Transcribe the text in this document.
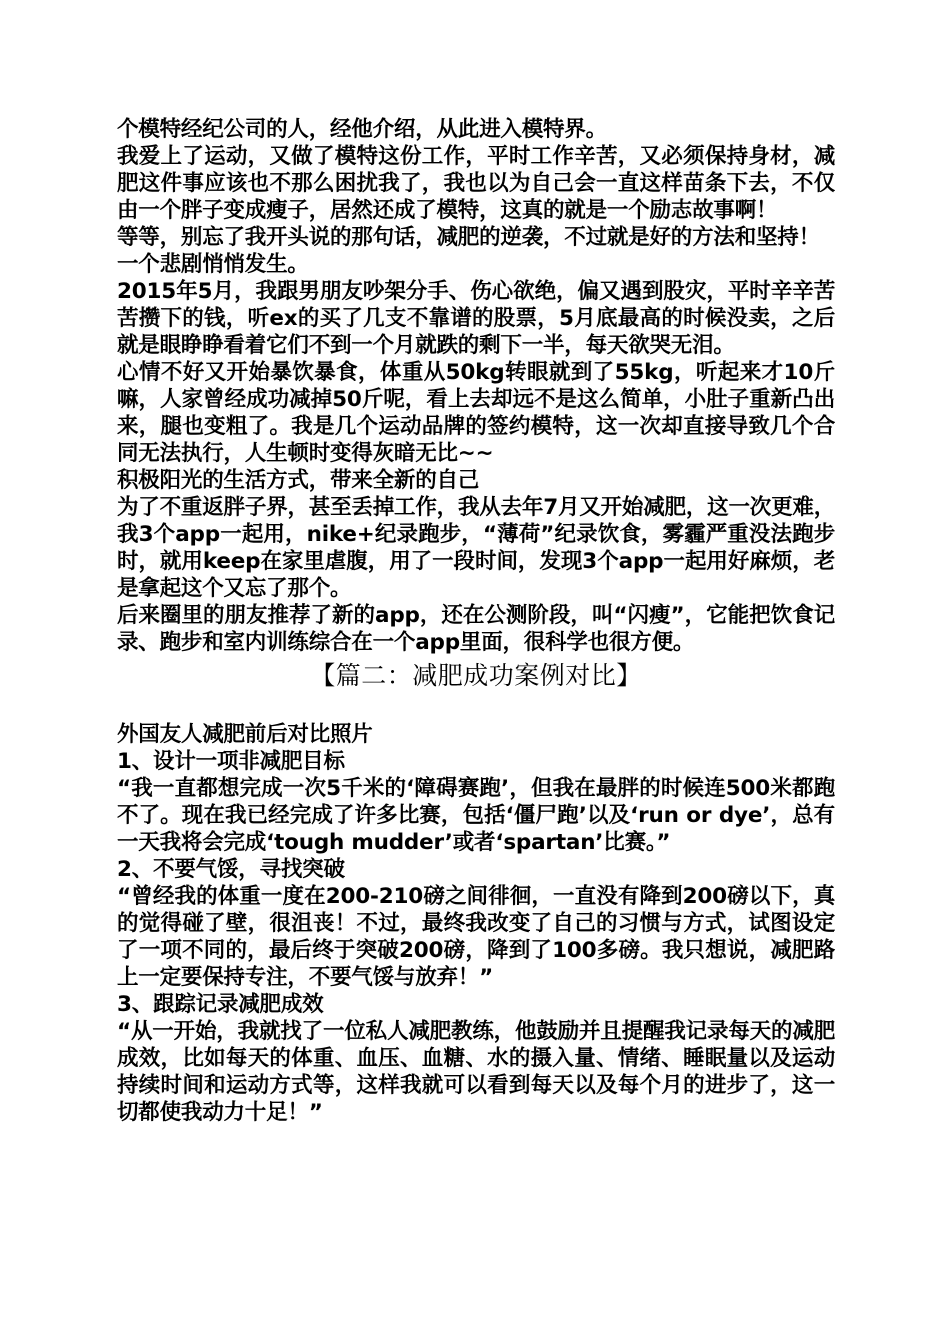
个模特经纪公司的人，经他介绍，从此进入模特界。

我爱上了运动，又做了模特这份工作，平时工作辛苦，又必须保持身材，减肥这件事应该也不那么困扰我了，我也以为自己会一直这样苗条下去，不仅由一个胖子变成瘦子，居然还成了模特，这真的就是一个励志故事啊！

等等，别忘了我开头说的那句话，减肥的逆袭，不过就是好的方法和坚持！

一个悲剧悄悄发生。

2015年5月，我跟男朋友吵架分手、伤心欲绝，偏又遇到股灾，平时辛辛苦苦攒下的钱，听ex的买了几支不靠谱的股票，5月底最高的时候没卖，之后就是眼睁睁看着它们不到一个月就跌的剩下一半，每天欲哭无泪。

心情不好又开始暴饮暴食，体重从50kg转眼就到了55kg，听起来才10斤嘛，人家曾经成功减掉50斤呢，看上去却远不是这么简单，小肚子重新凸出来，腿也变粗了。我是几个运动品牌的签约模特，这一次却直接导致几个合同无法执行，人生顿时变得灰暗无比~~

积极阳光的生活方式，带来全新的自己

为了不重返胖子界，甚至丢掉工作，我从去年7月又开始减肥，这一次更难，我3个app一起用，nike+纪录跑步，“薄荷”纪录饮食，雾霾严重没法跑步时，就用keep在家里虐腹，用了一段时间，发现3个app一起用好麻烦，老是拿起这个又忘了那个。

后来圈里的朋友推荐了新的app，还在公测阶段，叫“闪瘦”，它能把饮食记录、跑步和室内训练综合在一个app里面，很科学也很方便。

【篇二：减肥成功案例对比】

外国友人减肥前后对比照片

1、设计一项非减肥目标

“我一直都想完成一次5千米的‘障碍赛跑’，但我在最胖的时候连500米都跑不了。现在我已经完成了许多比赛，包括‘僵尸跑’以及‘run or dye’，总有一天我将会完成‘tough mudder’或者‘spartan’比赛。”

2、不要气馁，寻找突破

“曾经我的体重一度在200-210磅之间徘徊，一直没有降到200磅以下，真的觉得碰了壁，很沮丧！不过，最终我改变了自己的习惯与方式，试图设定了一项不同的，最后终于突破200磅，降到了100多磅。我只想说，减肥路上一定要保持专注，不要气馁与放弃！”

3、跟踪记录减肥成效

“从一开始，我就找了一位私人减肥教练，他鼓励并且提醒我记录每天的减肥成效，比如每天的体重、血压、血糖、水的摄入量、情绪、睡眠量以及运动持续时间和运动方式等，这样我就可以看到每天以及每个月的进步了，这一切都使我动力十足！”
